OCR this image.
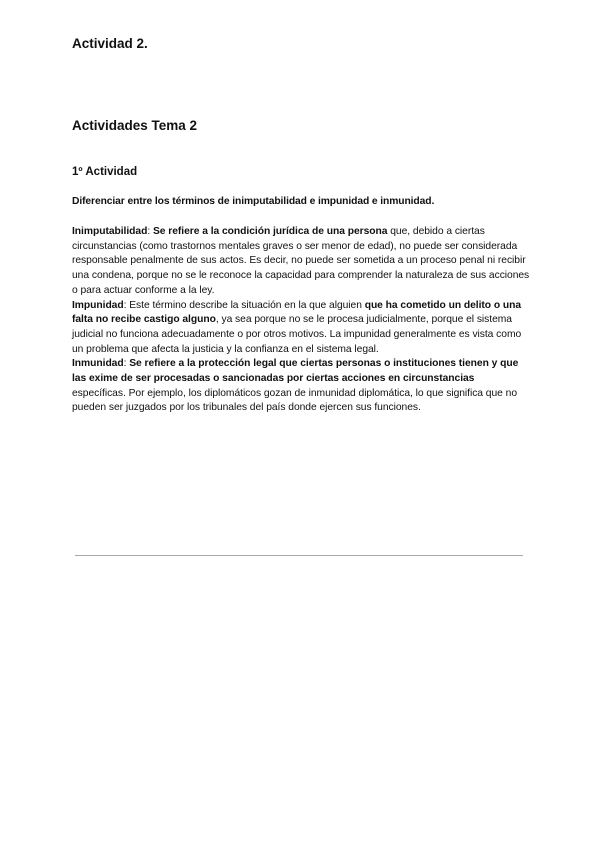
Actividad 2.
Actividades Tema 2
1º Actividad

Diferenciar entre los términos de inimputabilidad e impunidad e inmunidad.

Inimputabilidad: Se refiere a la condición jurídica de una persona que, debido a ciertas circunstancias (como trastornos mentales graves o ser menor de edad), no puede ser considerada responsable penalmente de sus actos. Es decir, no puede ser sometida a un proceso penal ni recibir una condena, porque no se le reconoce la capacidad para comprender la naturaleza de sus acciones o para actuar conforme a la ley.

Impunidad: Este término describe la situación en la que alguien que ha cometido un delito o una falta no recibe castigo alguno, ya sea porque no se le procesa judicialmente, porque el sistema judicial no funciona adecuadamente o por otros motivos. La impunidad generalmente es vista como un problema que afecta la justicia y la confianza en el sistema legal.

Inmunidad: Se refiere a la protección legal que ciertas personas o instituciones tienen y que las exime de ser procesadas o sancionadas por ciertas acciones en circunstancias específicas. Por ejemplo, los diplomáticos gozan de inmunidad diplomática, lo que significa que no pueden ser juzgados por los tribunales del país donde ejercen sus funciones.
